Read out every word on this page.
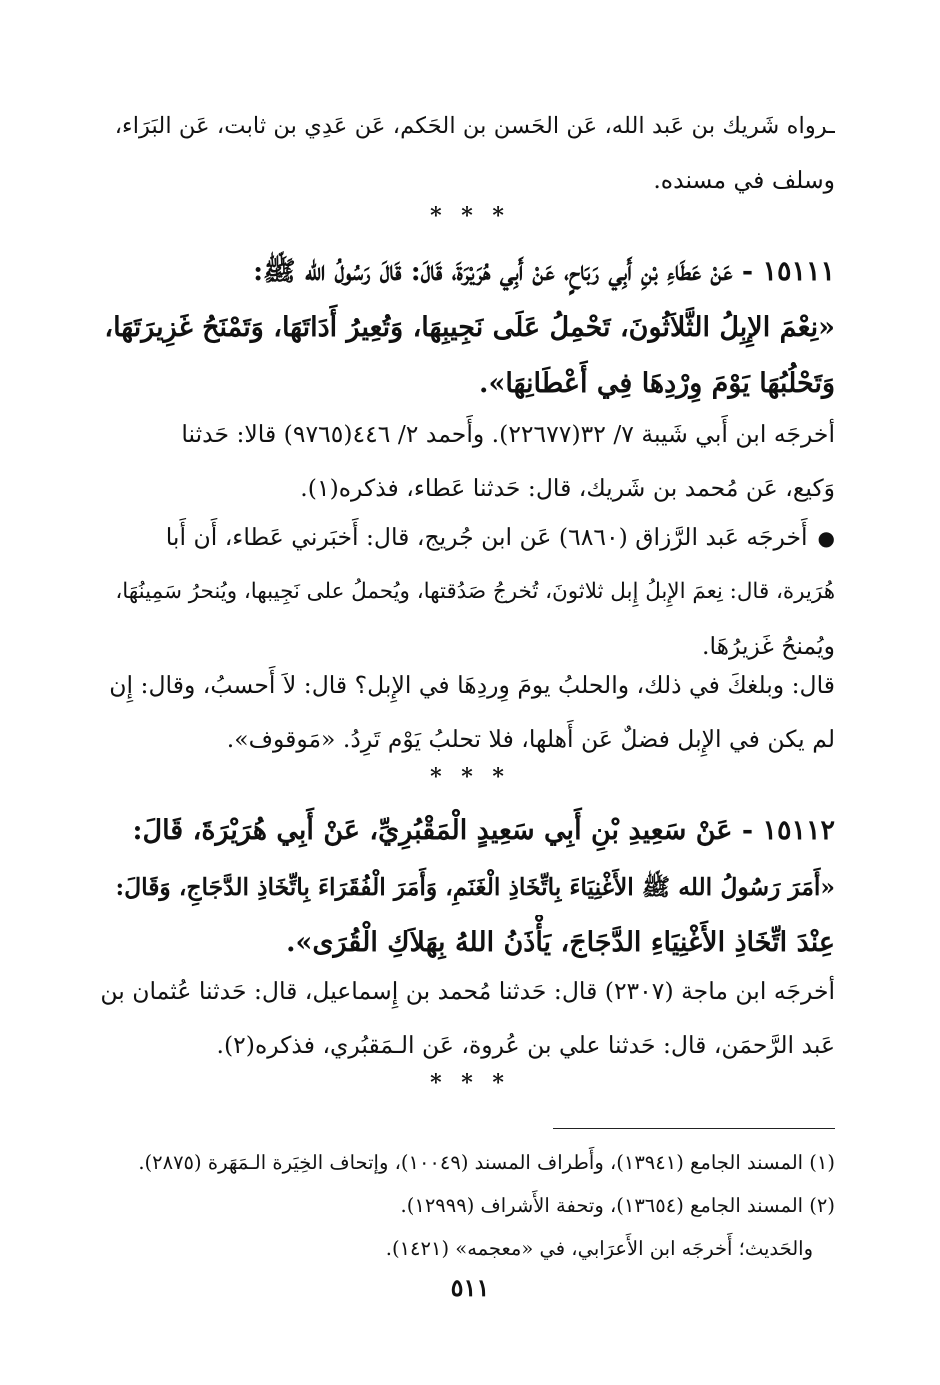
ـرواه شَريك بن عَبد الله، عَن الحَسن بن الحَكم، عَن عَدِي بن ثابت، عَن البَرَاء،
وسلف في مسنده.
* * *
١٥١١١ - عَنْ عَطَاءِ بْنِ أَبِي رَبَاحٍ، عَنْ أَبِي هُرَيْرَةَ، قَالَ: قَالَ رَسُولُ الله ﷺ:
«نِعْمَ الإِبِلُ الثَّلاَثُونَ، تَحْمِلُ عَلَى نَجِيبِهَا، وَتُعِيرُ أَدَاتَهَا، وَتَمْنَحُ غَزِيرَتَهَا،
وَتَحْلُبُهَا يَوْمَ وِرْدِهَا فِي أَعْطَانِهَا».
أخرجَه ابن أَبي شَيبة ٧/ ٣٢(٢٢٦٧٧). وأَحمد ٢/ ٤٤٦(٩٧٦٥) قالا: حَدثنا
وَكيع، عَن مُحمد بن شَريك، قال: حَدثنا عَطاء، فذكره(١).
●أَخرجَه عَبد الرَّزاق (٦٨٦٠) عَن ابن جُريج، قال: أَخبَرني عَطاء، أَن أَبا
هُرَيرة، قال: نِعمَ الإِبلُ إِبل ثلاثونَ، تُخرجُ صَدُقتها، ويُحملُ على نَجِيبها، ويُنحرُ سَمِينُهَا،
ويُمنحُ غَزيرُهَا.
قال: وبلغكَ في ذلك، والحلبُ يومَ وِردِهَا في الإِبل؟ قال: لاَ أَحسبُ، وقال: إِن
لم يكن في الإِبل فضلٌ عَن أَهلها، فلا تحلبُ يَوْم تَرِدُ. «مَوقوف».
* * *
١٥١١٢ - عَنْ سَعِيدِ بْنِ أَبِي سَعِيدٍ الْمَقْبُرِيِّ، عَنْ أَبِي هُرَيْرَةَ، قَالَ:
«أَمَرَ رَسُولُ الله ﷺ الأَغْنِيَاءَ بِاتِّخَاذِ الْغَنَمِ، وَأَمَرَ الْفُقَرَاءَ بِاتِّخَاذِ الدَّجَاجِ، وَقَالَ:
عِنْدَ اتِّخَاذِ الأَغْنِيَاءِ الدَّجَاجَ، يَأْذَنُ اللهُ بِهَلاَكِ الْقُرَى».
أخرجَه ابن ماجة (٢٣٠٧) قال: حَدثنا مُحمد بن إِسماعيل، قال: حَدثنا عُثمان بن
عَبد الرَّحمَن، قال: حَدثنا علي بن عُروة، عَن الـمَقبُري، فذكره(٢).
* * *
(١) المسند الجامع (١٣٩٤١)، وأَطراف المسند (١٠٠٤٩)، وإتحاف الخِيَرة الـمَهَرة (٢٨٧٥).
(٢) المسند الجامع (١٣٦٥٤)، وتحفة الأَشراف (١٢٩٩٩).
والحَديث؛ أَخرجَه ابن الأَعرَابي، في «معجمه» (١٤٢١).
٥١١
